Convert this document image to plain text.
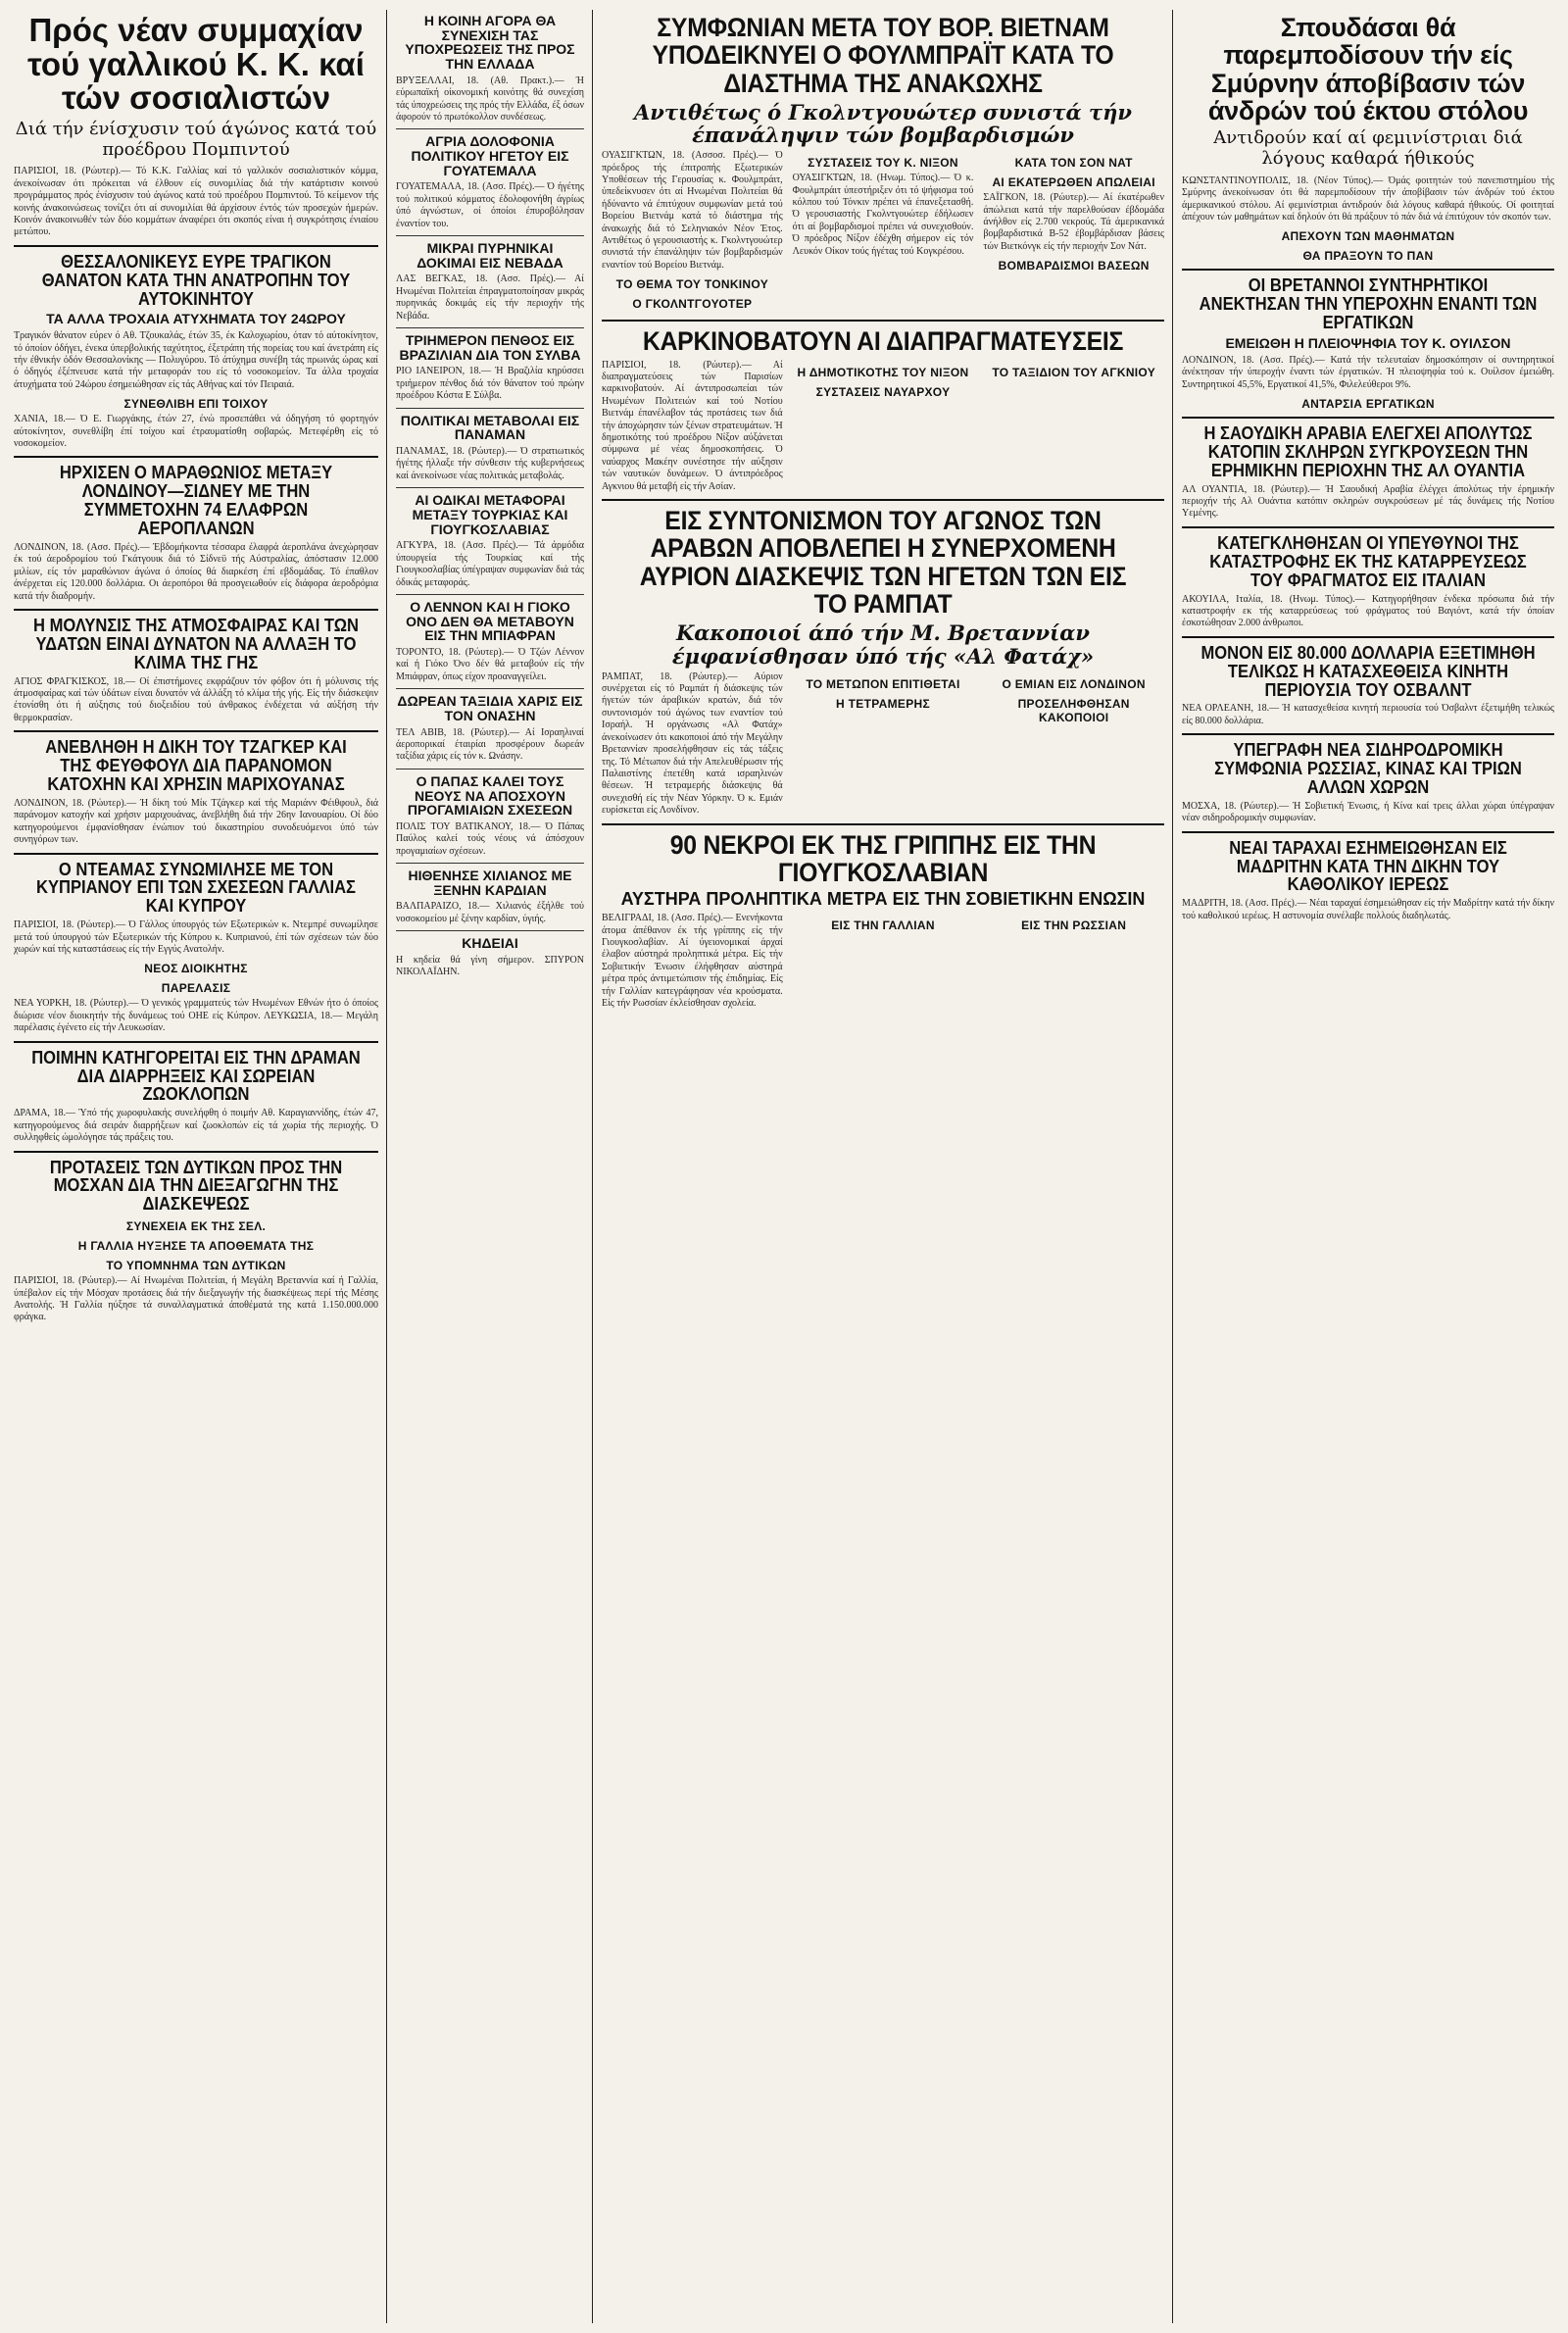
Πρός νέαν συμμαχίαν τού γαλλικού Κ. Κ. καί τών σοσιαλιστών
Διά τήν ένίσχυσιν τού άγώνος κατά τού προέδρου Πομπιντού

ΠΑΡΙΣΙΟΙ, 18. (Ρώυτερ).— Τό Κ.Κ. Γαλλίας καί τό γαλλικόν σοσιαλιστικόν κόμμα, άνεκοίνωσαν ότι πρόκειται νά έλθουν είς συνομιλίας διά τήν κατάρτισιν κοινού προγράμματος πρός ένίσχυσιν τού άγώνος κατά τού προέδρου Πομπιντού. Τό κείμενον τής κοινής άνακοινώσεως τονίζει ότι αί συνομιλίαι θά άρχίσουν έντός τών προσεχών ήμερών. Κοινόν άνακοινωθέν τών δύο κομμάτων άναφέρει ότι σκοπός είναι ή συγκρότησις ένιαίου μετώπου.

ΘΕΣΣΑΛΟΝΙΚΕΥΣ ΕΥΡΕ ΤΡΑΓΙΚΟΝ ΘΑΝΑΤΟΝ ΚΑΤΑ ΤΗΝ ΑΝΑΤΡΟΠΗΝ ΤΟΥ ΑΥΤΟΚΙΝΗΤΟΥ
ΤΑ ΑΛΛΑ ΤΡΟΧΑΙΑ ΑΤΥΧΗΜΑΤΑ ΤΟΥ 24ΩΡΟΥ

Τραγικόν θάνατον εύρεν ό Αθ. Τζουκαλάς, έτών 35, έκ Καλοχωρίου, όταν τό αύτοκίνητον, τό όποίον όδήγει, ένεκα ύπερβολικής ταχύτητος, έξετράπη τής πορείας του καί άνετράπη είς τήν έθνικήν όδόν Θεσσαλονίκης — Πολυγύρου. Τό άτύχημα συνέβη τάς πρωινάς ώρας καί ό όδηγός έξέπνευσε κατά τήν μεταφοράν του είς τό νοσοκομείον. Τα άλλα τροχαία άτυχήματα τού 24ώρου έσημειώθησαν είς τάς Αθήνας καί τόν Πειραιά.

ΣΥΝΕΘΛΙΒΗ ΕΠΙ ΤΟΙΧΟΥ

ΧΑΝΙΑ, 18.— Ό Ε. Γιωργάκης, έτών 27, ένώ προσεπάθει νά όδηγήση τό φορτηγόν αύτοκίνητον, συνεθλίβη έπί τοίχου καί έτραυματίσθη σοβαρώς. Μετεφέρθη είς τό νοσοκομείον.

ΗΡΧΙΣΕΝ Ο ΜΑΡΑΘΩΝΙΟΣ ΜΕΤΑΞΥ ΛΟΝΔΙΝΟΥ—ΣΙΔΝΕΥ ΜΕ ΤΗΝ ΣΥΜΜΕΤΟΧΗΝ 74 ΕΛΑΦΡΩΝ ΑΕΡΟΠΛΑΝΩΝ

ΛΟΝΔΙΝΟΝ, 18. (Ασσ. Πρές).— Έβδομήκοντα τέσσαρα έλαφρά άεροπλάνα άνεχώρησαν έκ τού άεροδρομίου τού Γκάτγουικ διά τό Σίδνεϋ τής Αύστραλίας, άπόστασιν 12.000 μιλίων, είς τόν μαραθώνιον άγώνα ό όποίος θά διαρκέση έπί εβδομάδας. Τό έπαθλον άνέρχεται είς 120.000 δολλάρια. Οι άεροπόροι θά προσγειωθούν είς διάφορα άεροδρόμια κατά τήν διαδρομήν.

Η ΜΟΛΥΝΣΙΣ ΤΗΣ ΑΤΜΟΣΦΑΙΡΑΣ ΚΑΙ ΤΩΝ ΥΔΑΤΩΝ ΕΙΝΑΙ ΔΥΝΑΤΟΝ ΝΑ ΑΛΛΑΞΗ ΤΟ ΚΛΙΜΑ ΤΗΣ ΓΗΣ

ΑΓΙΟΣ ΦΡΑΓΚΙΣΚΟΣ, 18.— Οί έπιστήμονες εκφράζουν τόν φόβον ότι ή μόλυνσις τής άτμοσφαίρας καί τών ύδάτων είναι δυνατόν νά άλλάξη τό κλίμα τής γής. Είς τήν διάσκεψιν έτονίσθη ότι ή αύξησις τού διοξειδίου τού άνθρακος ένδέχεται νά αύξήση τήν θερμοκρασίαν.

ΑΝΕΒΛΗΘΗ Η ΔΙΚΗ ΤΟΥ ΤΖΑΓΚΕΡ ΚΑΙ ΤΗΣ ΦΕΥΘΦΟΥΛ ΔΙΑ ΠΑΡΑΝΟΜΟΝ ΚΑΤΟΧΗΝ ΚΑΙ ΧΡΗΣΙΝ ΜΑΡΙΧΟΥΑΝΑΣ

ΛΟΝΔΙΝΟΝ, 18. (Ρώυτερ).— Ή δίκη τού Μίκ Τζάγκερ καί τής Μαριάνν Φέιθφουλ, διά παράνομον κατοχήν καί χρήσιν μαριχουάνας, άνεβλήθη διά τήν 26ην Ιανουαρίου. Οί δύο κατηγορούμενοι έμφανίσθησαν ένώπιον τού δικαστηρίου συνοδευόμενοι ύπό τών συνηγόρων των.

Ο ΝΤΕΑΜΑΣ ΣΥΝΩΜΙΛΗΣΕ ΜΕ ΤΟΝ ΚΥΠΡΙΑΝΟΥ ΕΠΙ ΤΩΝ ΣΧΕΣΕΩΝ ΓΑΛΛΙΑΣ ΚΑΙ ΚΥΠΡΟΥ

ΠΑΡΙΣΙΟΙ, 18. (Ρώυτερ).— Ό Γάλλος ύπουργός τών Εξωτερικών κ. Ντεμπρέ συνωμίλησε μετά τού ύπουργού τών Εξωτερικών τής Κύπρου κ. Κυπριανού, έπί τών σχέσεων τών δύο χωρών καί τής καταστάσεως είς τήν Εγγύς Ανατολήν.

ΝΕΟΣ ΔΙΟΙΚΗΤΗΣ
ΠΑΡΕΛΑΣΙΣ

ΝΕΑ ΥΟΡΚΗ, 18. (Ρώυτερ).— Ό γενικός γραμματεύς τών Ηνωμένων Εθνών ήτο ό όποίος διώρισε νέον διοικητήν τής δυνάμεως τού ΟΗΕ είς Κύπρον. ΛΕΥΚΩΣΙΑ, 18.— Μεγάλη παρέλασις έγένετο είς τήν Λευκωσίαν.

ΠΟΙΜΗΝ ΚΑΤΗΓΟΡΕΙΤΑΙ ΕΙΣ ΤΗΝ ΔΡΑΜΑΝ ΔΙΑ ΔΙΑΡΡΗΞΕΙΣ ΚΑΙ ΣΩΡΕΙΑΝ ΖΩΟΚΛΟΠΩΝ

ΔΡΑΜΑ, 18.— Ύπό τής χωροφυλακής συνελήφθη ό ποιμήν Αθ. Καραγιαννίδης, έτών 47, κατηγορούμενος διά σειράν διαρρήξεων καί ζωοκλοπών είς τά χωρία τής περιοχής. Ό συλληφθείς ώμολόγησε τάς πράξεις του.

ΠΡΟΤΑΣΕΙΣ ΤΩΝ ΔΥΤΙΚΩΝ ΠΡΟΣ ΤΗΝ ΜΟΣΧΑΝ ΔΙΑ ΤΗΝ ΔΙΕΞΑΓΩΓΗΝ ΤΗΣ ΔΙΑΣΚΕΨΕΩΣ
ΣΥΝΕΧΕΙΑ ΕΚ ΤΗΣ ΣΕΛ.
Η ΓΑΛΛΙΑ ΗΥΞΗΣΕ ΤΑ ΑΠΟΘΕΜΑΤΑ ΤΗΣ
ΤΟ ΥΠΟΜΝΗΜΑ ΤΩΝ ΔΥΤΙΚΩΝ

ΠΑΡΙΣΙΟΙ, 18. (Ρώυτερ).— Αί Ηνωμέναι Πολιτείαι, ή Μεγάλη Βρεταννία καί ή Γαλλία, ύπέβαλον είς τήν Μόσχαν προτάσεις διά τήν διεξαγωγήν τής διασκέψεως περί τής Μέσης Ανατολής. Ή Γαλλία ηύξησε τά συναλλαγματικά άποθέματά της κατά 1.150.000.000 φράγκα.

Η ΚΟΙΝΗ ΑΓΟΡΑ ΘΑ ΣΥΝΕΧΙΣΗ ΤΑΣ ΥΠΟΧΡΕΩΣΕΙΣ ΤΗΣ ΠΡΟΣ ΤΗΝ ΕΛΛΑΔΑ

ΒΡΥΞΕΛΛΑΙ, 18. (Αθ. Πρακτ.).— Ή εύρωπαϊκή οίκονομική κοινότης θά συνεχίση τάς ύποχρεώσεις της πρός τήν Ελλάδα, έξ όσων άφορούν τό πρωτόκολλον συνδέσεως.

ΑΓΡΙΑ ΔΟΛΟΦΟΝΙΑ ΠΟΛΙΤΙΚΟΥ ΗΓΕΤΟΥ ΕΙΣ ΓΟΥΑΤΕΜΑΛΑ

ΓΟΥΑΤΕΜΑΛΑ, 18. (Ασσ. Πρές).— Ό ήγέτης τού πολιτικού κόμματος έδολοφονήθη άγρίως ύπό άγνώστων, οί όποίοι έπυροβόλησαν έναντίον του.

ΜΙΚΡΑΙ ΠΥΡΗΝΙΚΑΙ ΔΟΚΙΜΑΙ ΕΙΣ ΝΕΒΑΔΑ

ΛΑΣ ΒΕΓΚΑΣ, 18. (Ασσ. Πρές).— Αί Ηνωμέναι Πολιτείαι έπραγματοποίησαν μικράς πυρηνικάς δοκιμάς είς τήν περιοχήν τής Νεβάδα.

ΤΡΙΗΜΕΡΟΝ ΠΕΝΘΟΣ ΕΙΣ ΒΡΑΖΙΛΙΑΝ ΔΙΑ ΤΟΝ ΣΥΛΒΑ

ΡΙΟ ΙΑΝΕΙΡΟΝ, 18.— Ή Βραζιλία κηρύσσει τριήμερον πένθος διά τόν θάνατον τού πρώην προέδρου Κόστα Ε Σύλβα.

ΠΟΛΙΤΙΚΑΙ ΜΕΤΑΒΟΛΑΙ ΕΙΣ ΠΑΝΑΜΑΝ

ΠΑΝΑΜΑΣ, 18. (Ρώυτερ).— Ό στρατιωτικός ήγέτης ήλλαξε τήν σύνθεσιν τής κυβερνήσεως καί άνεκοίνωσε νέας πολιτικάς μεταβολάς.

ΑΙ ΟΔΙΚΑΙ ΜΕΤΑΦΟΡΑΙ ΜΕΤΑΞΥ ΤΟΥΡΚΙΑΣ ΚΑΙ ΓΙΟΥΓΚΟΣΛΑΒΙΑΣ

ΑΓΚΥΡΑ, 18. (Ασσ. Πρές).— Τά άρμόδια ύπουργεία τής Τουρκίας καί τής Γιουγκοσλαβίας ύπέγραψαν συμφωνίαν διά τάς όδικάς μεταφοράς.

Ο ΛΕΝΝΟΝ ΚΑΙ Η ΓΙΟΚΟ ΟΝΟ ΔΕΝ ΘΑ ΜΕΤΑΒΟΥΝ ΕΙΣ ΤΗΝ ΜΠΙΑΦΡΑΝ

ΤΟΡΟΝΤΟ, 18. (Ρώυτερ).— Ό Τζών Λέννον καί ή Γιόκο Όνο δέν θά μεταβούν είς τήν Μπιάφραν, όπως είχον προαναγγείλει.

ΔΩΡΕΑΝ ΤΑΞΙΔΙΑ ΧΑΡΙΣ ΕΙΣ ΤΟΝ ΟΝΑΣΗΝ

ΤΕΛ ΑΒΙΒ, 18. (Ρώυτερ).— Αί Ισραηλιναί άεροπορικαί έταιρίαι προσφέρουν δωρεάν ταξίδια χάρις είς τόν κ. Ωνάσην.

Ο ΠΑΠΑΣ ΚΑΛΕΙ ΤΟΥΣ ΝΕΟΥΣ ΝΑ ΑΠΟΣΧΟΥΝ ΠΡΟΓΑΜΙΑΙΩΝ ΣΧΕΣΕΩΝ

ΠΟΛΙΣ ΤΟΥ ΒΑΤΙΚΑΝΟΥ, 18.— Ό Πάπας Παύλος καλεί τούς νέους νά άπόσχουν προγαμιαίων σχέσεων.

ΗΙΘΕΝΗΣΕ ΧΙΛΙΑΝΟΣ ΜΕ ΞΕΝΗΝ ΚΑΡΔΙΑΝ

ΒΑΛΠΑΡΑΙΖΟ, 18.— Χιλιανός έξήλθε τού νοσοκομείου μέ ξένην καρδίαν, ύγιής.

ΚΗΔΕΙΑΙ

Η κηδεία θά γίνη σήμερον. ΣΠΥΡΟΝ ΝΙΚΟΛΑΪΔΗΝ.

ΣΥΜΦΩΝΙΑΝ ΜΕΤΑ ΤΟΥ ΒΟΡ. ΒΙΕΤΝΑΜ ΥΠΟΔΕΙΚΝΥΕΙ Ο ΦΟΥΛΜΠΡΑΪΤ ΚΑΤΑ ΤΟ ΔΙΑΣΤΗΜΑ ΤΗΣ ΑΝΑΚΩΧΗΣ
Αντιθέτως ό Γκολντγουώτερ συνιστά τήν έπανάληψιν τών βομβαρδισμών

ΟΥΑΣΙΓΚΤΩΝ, 18. (Ασσοσ. Πρές).— Ό πρόεδρος τής έπιτροπής Εξωτερικών Υποθέσεων τής Γερουσίας κ. Φουλμπράιτ, ύπεδείκνυσεν ότι αί Ηνωμέναι Πολιτείαι θά ήδύναντο νά έπιτύχουν συμφωνίαν μετά τού Βορείου Βιετνάμ κατά τό διάστημα τής άνακωχής διά τό Σεληνιακόν Νέον Έτος. Αντιθέτως ό γερουσιαστής κ. Γκολντγουώτερ συνιστά τήν έπανάληψιν τών βομβαρδισμών εναντίον τού Βορείου Βιετνάμ.

ΤΟ ΘΕΜΑ ΤΟΥ ΤΟΝΚΙΝΟΥ
Ο ΓΚΟΛΝΤΓΟΥΟΤΕΡ
ΣΥΣΤΑΣΕΙΣ ΤΟΥ Κ. ΝΙΞΟΝ

ΟΥΑΣΙΓΚΤΩΝ, 18. (Ηνωμ. Τύπος).— Ό κ. Φουλμπράιτ ύπεστήριξεν ότι τό ψήφισμα τού κόλπου τού Τόνκιν πρέπει νά έπανεξετασθή. Ό γερουσιαστής Γκολντγουώτερ έδήλωσεν ότι αί βομβαρδισμοί πρέπει νά συνεχισθούν. Ό πρόεδρος Νίξον έδέχθη σήμερον είς τόν Λευκόν Οίκον τούς ήγέτας τού Κογκρέσου.

ΚΑΤΑ ΤΟΝ ΣΟΝ ΝΑΤ
ΑΙ ΕΚΑΤΕΡΩΘΕΝ ΑΠΩΛΕΙΑΙ

ΣΑΪΓΚΟΝ, 18. (Ρώυτερ).— Αί έκατέρωθεν άπώλειαι κατά τήν παρελθούσαν έβδομάδα άνήλθον είς 2.700 νεκρούς. Τά άμερικανικά βομβαρδιστικά Β-52 έβομβάρδισαν βάσεις τών Βιετκόνγκ είς τήν περιοχήν Σον Νάτ.

ΒΟΜΒΑΡΔΙΣΜΟΙ ΒΑΣΕΩΝ
ΚΑΡΚΙΝΟΒΑΤΟΥΝ ΑΙ ΔΙΑΠΡΑΓΜΑΤΕΥΣΕΙΣ

ΠΑΡΙΣΙΟΙ, 18. (Ρώυτερ).— Αί διαπραγματεύσεις τών Παρισίων καρκινοβατούν. Αί άντιπροσωπείαι τών Ηνωμένων Πολιτειών καί τού Νοτίου Βιετνάμ έπανέλαβον τάς προτάσεις των διά τήν άποχώρησιν τών ξένων στρατευμάτων. Ή δημοτικότης τού προέδρου Νίξον αύξάνεται σύμφωνα μέ νέας δημοσκοπήσεις. Ό ναύαρχος Μακέην συνέστησε τήν αύξησιν τών ναυτικών δυνάμεων. Ό άντιπρόεδρος Αγκνιου θά μεταβή είς τήν Ασίαν.

Η ΔΗΜΟΤΙΚΟΤΗΣ ΤΟΥ ΝΙΞΟΝ
ΣΥΣΤΑΣΕΙΣ ΝΑΥΑΡΧΟΥ
ΤΟ ΤΑΞΙΔΙΟΝ ΤΟΥ ΑΓΚΝΙΟΥ
ΕΙΣ ΣΥΝΤΟΝΙΣΜΟΝ ΤΟΥ ΑΓΩΝΟΣ ΤΩΝ ΑΡΑΒΩΝ ΑΠΟΒΛΕΠΕΙ Η ΣΥΝΕΡΧΟΜΕΝΗ ΑΥΡΙΟΝ ΔΙΑΣΚΕΨΙΣ ΤΩΝ ΗΓΕΤΩΝ ΤΩΝ ΕΙΣ ΤΟ ΡΑΜΠΑΤ
Κακοποιοί άπό τήν Μ. Βρεταννίαν έμφανίσθησαν ύπό τής «Αλ Φατάχ»

ΡΑΜΠΑΤ, 18. (Ρώυτερ).— Αύριον συνέρχεται είς τό Ραμπάτ ή διάσκεψις τών ήγετών τών άραβικών κρατών, διά τόν συντονισμόν τού άγώνος των εναντίον τού Ισραήλ. Ή οργάνωσις «Αλ Φατάχ» άνεκοίνωσεν ότι κακοποιοί άπό τήν Μεγάλην Βρεταννίαν προσελήφθησαν είς τάς τάξεις της. Τό Μέτωπον διά τήν Απελευθέρωσιν τής Παλαιστίνης έπετέθη κατά ισραηλινών θέσεων. Ή τετραμερής διάσκεψις θά συνεχισθή είς τήν Νέαν Υόρκην. Ό κ. Εμιάν ευρίσκεται είς Λονδίνον.

ΤΟ ΜΕΤΩΠΟΝ ΕΠΙΤΙΘΕΤΑΙ
Η ΤΕΤΡΑΜΕΡΗΣ
Ο ΕΜΙΑΝ ΕΙΣ ΛΟΝΔΙΝΟΝ
ΠΡΟΣΕΛΗΦΘΗΣΑΝ ΚΑΚΟΠΟΙΟΙ
90 ΝΕΚΡΟΙ ΕΚ ΤΗΣ ΓΡΙΠΠΗΣ ΕΙΣ ΤΗΝ ΓΙΟΥΓΚΟΣΛΑΒΙΑΝ
ΑΥΣΤΗΡΑ ΠΡΟΛΗΠΤΙΚΑ ΜΕΤΡΑ ΕΙΣ ΤΗΝ ΣΟΒΙΕΤΙΚΗΝ ΕΝΩΣΙΝ

ΒΕΛΙΓΡΑΔΙ, 18. (Ασσ. Πρές).— Ενενήκοντα άτομα άπέθανον έκ τής γρίππης είς τήν Γιουγκοσλαβίαν. Αί ύγειονομικαί άρχαί έλαβον αύστηρά προληπτικά μέτρα. Είς τήν Σοβιετικήν Ένωσιν έλήφθησαν αύστηρά μέτρα πρός άντιμετώπισιν τής έπιδημίας. Είς τήν Γαλλίαν κατεγράφησαν νέα κρούσματα. Είς τήν Ρωσσίαν έκλείσθησαν σχολεία.

ΕΙΣ ΤΗΝ ΓΑΛΛΙΑΝ	ΕΙΣ ΤΗΝ ΡΩΣΣΙΑΝ
Σπουδάσαι θά παρεμποδίσουν τήν είς Σμύρνην άποβίβασιν τών άνδρών τού έκτου στόλου
Αντιδρούν καί αί φεμινίστριαι διά λόγους καθαρά ήθικούς

ΚΩΝΣΤΑΝΤΙΝΟΥΠΟΛΙΣ, 18. (Νέον Τύπος).— Όμάς φοιτητών τού πανεπιστημίου τής Σμύρνης άνεκοίνωσαν ότι θά παρεμποδίσουν τήν άποβίβασιν τών άνδρών τού έκτου άμερικανικού στόλου. Αί φεμινίστριαι άντιδρούν διά λόγους καθαρά ήθικούς. Οί φοιτηταί άπέχουν τών μαθημάτων καί δηλούν ότι θά πράξουν τό πάν διά νά έπιτύχουν τόν σκοπόν των.

ΑΠΕΧΟΥΝ ΤΩΝ ΜΑΘΗΜΑΤΩΝ
ΘΑ ΠΡΑΞΟΥΝ ΤΟ ΠΑΝ
ΟΙ ΒΡΕΤΑΝΝΟΙ ΣΥΝΤΗΡΗΤΙΚΟΙ ΑΝΕΚΤΗΣΑΝ ΤΗΝ ΥΠΕΡΟΧΗΝ ΕΝΑΝΤΙ ΤΩΝ ΕΡΓΑΤΙΚΩΝ
ΕΜΕΙΩΘΗ Η ΠΛΕΙΟΨΗΦΙΑ ΤΟΥ Κ. ΟΥΙΛΣΟΝ

ΛΟΝΔΙΝΟΝ, 18. (Ασσ. Πρές).— Κατά τήν τελευταίαν δημοσκόπησιν οί συντηρητικοί άνέκτησαν τήν ύπεροχήν έναντι τών έργατικών. Ή πλειοψηφία τού κ. Ουίλσον έμειώθη. Συντηρητικοί 45,5%, Εργατικοί 41,5%, Φιλελεύθεροι 9%.

ΑΝΤΑΡΣΙΑ ΕΡΓΑΤΙΚΩΝ
Η ΣΑΟΥΔΙΚΗ ΑΡΑΒΙΑ ΕΛΕΓΧΕΙ ΑΠΟΛΥΤΩΣ ΚΑΤΟΠΙΝ ΣΚΛΗΡΩΝ ΣΥΓΚΡΟΥΣΕΩΝ ΤΗΝ ΕΡΗΜΙΚΗΝ ΠΕΡΙΟΧΗΝ ΤΗΣ ΑΛ ΟΥΑΝΤΙΑ

ΑΛ ΟΥΑΝΤΙΑ, 18. (Ρώυτερ).— Ή Σαουδική Αραβία έλέγχει άπολύτως τήν έρημικήν περιοχήν τής Αλ Ουάντια κατόπιν σκληρών συγκρούσεων μέ τάς δυνάμεις τής Νοτίου Υεμένης.

ΚΑΤΕΓΚΛΗΘΗΣΑΝ ΟΙ ΥΠΕΥΘΥΝΟΙ ΤΗΣ ΚΑΤΑΣΤΡΟΦΗΣ ΕΚ ΤΗΣ ΚΑΤΑΡΡΕΥΣΕΩΣ ΤΟΥ ΦΡΑΓΜΑΤΟΣ ΕΙΣ ΙΤΑΛΙΑΝ

ΑΚΟΥΙΛΑ, Ιταλία, 18. (Ηνωμ. Τύπος).— Κατηγορήθησαν ένδεκα πρόσωπα διά τήν καταστροφήν εκ τής καταρρεύσεως τού φράγματος τού Βαγιόντ, κατά τήν όποίαν έσκοτώθησαν 2.000 άνθρωποι.

ΜΟΝΟΝ ΕΙΣ 80.000 ΔΟΛΛΑΡΙΑ ΕΞΕΤΙΜΗΘΗ ΤΕΛΙΚΩΣ Η ΚΑΤΑΣΧΕΘΕΙΣΑ ΚΙΝΗΤΗ ΠΕΡΙΟΥΣΙΑ ΤΟΥ ΟΣΒΑΛΝΤ

ΝΕΑ ΟΡΛΕΑΝΗ, 18.— Ή κατασχεθείσα κινητή περιουσία τού Όσβαλντ έξετιμήθη τελικώς είς 80.000 δολλάρια.

ΥΠΕΓΡΑΦΗ ΝΕΑ ΣΙΔΗΡΟΔΡΟΜΙΚΗ ΣΥΜΦΩΝΙΑ ΡΩΣΣΙΑΣ, ΚΙΝΑΣ ΚΑΙ ΤΡΙΩΝ ΑΛΛΩΝ ΧΩΡΩΝ

ΜΟΣΧΑ, 18. (Ρώυτερ).— Ή Σοβιετική Ένωσις, ή Κίνα καί τρεις άλλαι χώραι ύπέγραψαν νέαν σιδηροδρομικήν συμφωνίαν.

ΝΕΑΙ ΤΑΡΑΧΑΙ ΕΣΗΜΕΙΩΘΗΣΑΝ ΕΙΣ ΜΑΔΡΙΤΗΝ ΚΑΤΑ ΤΗΝ ΔΙΚΗΝ ΤΟΥ ΚΑΘΟΛΙΚΟΥ ΙΕΡΕΩΣ

ΜΑΔΡΙΤΗ, 18. (Ασσ. Πρές).— Νέαι ταραχαί έσημειώθησαν είς τήν Μαδρίτην κατά τήν δίκην τού καθολικού ιερέως. Η αστυνομία συνέλαβε πολλούς διαδηλωτάς.
